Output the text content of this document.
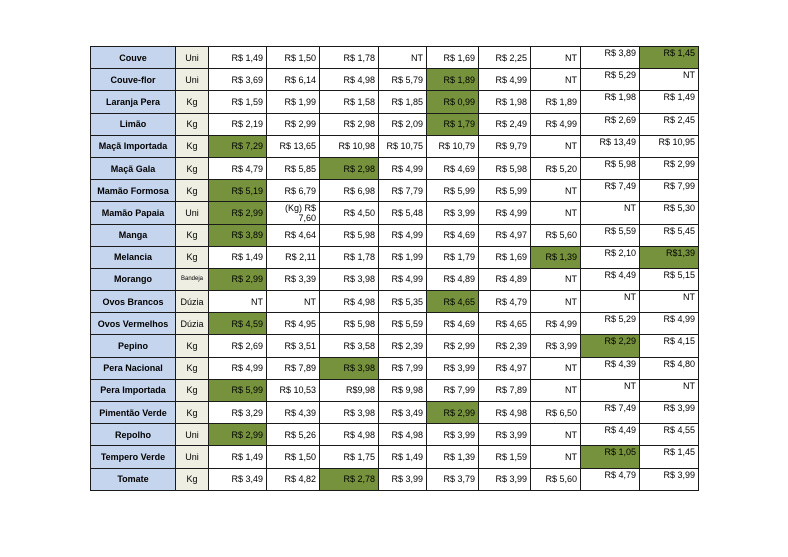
Couve	Uni	R$ 1,49	R$ 1,50	R$ 1,78	NT	R$ 1,69	R$ 2,25	NT	R$ 3,89	R$ 1,45
Couve-flor	Uni	R$ 3,69	R$ 6,14	R$ 4,98	R$ 5,79	R$ 1,89	R$ 4,99	NT	R$ 5,29	NT
Laranja Pera	Kg	R$ 1,59	R$ 1,99	R$ 1,58	R$ 1,85	R$ 0,99	R$ 1,98	R$ 1,89	R$ 1,98	R$ 1,49
Limão	Kg	R$ 2,19	R$ 2,99	R$ 2,98	R$ 2,09	R$ 1,79	R$ 2,49	R$ 4,99	R$ 2,69	R$ 2,45
Maçã Importada	Kg	R$ 7,29	R$ 13,65	R$ 10,98	R$ 10,75	R$ 10,79	R$ 9,79	NT	R$ 13,49	R$ 10,95
Maçã Gala	Kg	R$ 4,79	R$ 5,85	R$ 2,98	R$ 4,99	R$ 4,69	R$ 5,98	R$ 5,20	R$ 5,98	R$ 2,99
Mamão Formosa	Kg	R$ 5,19	R$ 6,79	R$ 6,98	R$ 7,79	R$ 5,99	R$ 5,99	NT	R$ 7,49	R$ 7,99
Mamão Papaia	Uni	R$ 2,99	(Kg) R$ 7,60	R$ 4,50	R$ 5,48	R$ 3,99	R$ 4,99	NT	NT	R$ 5,30
Manga	Kg	R$ 3,89	R$ 4,64	R$ 5,98	R$ 4,99	R$ 4,69	R$ 4,97	R$ 5,60	R$ 5,59	R$ 5,45
Melancia	Kg	R$ 1,49	R$ 2,11	R$ 1,78	R$ 1,99	R$ 1,79	R$ 1,69	R$ 1,39	R$ 2,10	R$1,39
Morango	Bandeja	R$ 2,99	R$ 3,39	R$ 3,98	R$ 4,99	R$ 4,89	R$ 4,89	NT	R$ 4,49	R$ 5,15
Ovos Brancos	Dúzia	NT	NT	R$ 4,98	R$ 5,35	R$ 4,65	R$ 4,79	NT	NT	NT
Ovos Vermelhos	Dúzia	R$ 4,59	R$ 4,95	R$ 5,98	R$ 5,59	R$ 4,69	R$ 4,65	R$ 4,99	R$ 5,29	R$ 4,99
Pepino	Kg	R$ 2,69	R$ 3,51	R$ 3,58	R$ 2,39	R$ 2,99	R$ 2,39	R$ 3,99	R$ 2,29	R$ 4,15
Pera Nacional	Kg	R$ 4,99	R$ 7,89	R$ 3,98	R$ 7,99	R$ 3,99	R$ 4,97	NT	R$ 4,39	R$ 4,80
Pera Importada	Kg	R$ 5,99	R$ 10,53	R$9,98	R$ 9,98	R$ 7,99	R$ 7,89	NT	NT	NT
Pimentão Verde	Kg	R$ 3,29	R$ 4,39	R$ 3,98	R$ 3,49	R$ 2,99	R$ 4,98	R$ 6,50	R$ 7,49	R$ 3,99
Repolho	Uni	R$ 2,99	R$ 5,26	R$ 4,98	R$ 4,98	R$ 3,99	R$ 3,99	NT	R$ 4,49	R$ 4,55
Tempero Verde	Uni	R$ 1,49	R$ 1,50	R$ 1,75	R$ 1,49	R$ 1,39	R$ 1,59	NT	R$ 1,05	R$ 1,45
Tomate	Kg	R$ 3,49	R$ 4,82	R$ 2,78	R$ 3,99	R$ 3,79	R$ 3,99	R$ 5,60	R$ 4,79	R$ 3,99
